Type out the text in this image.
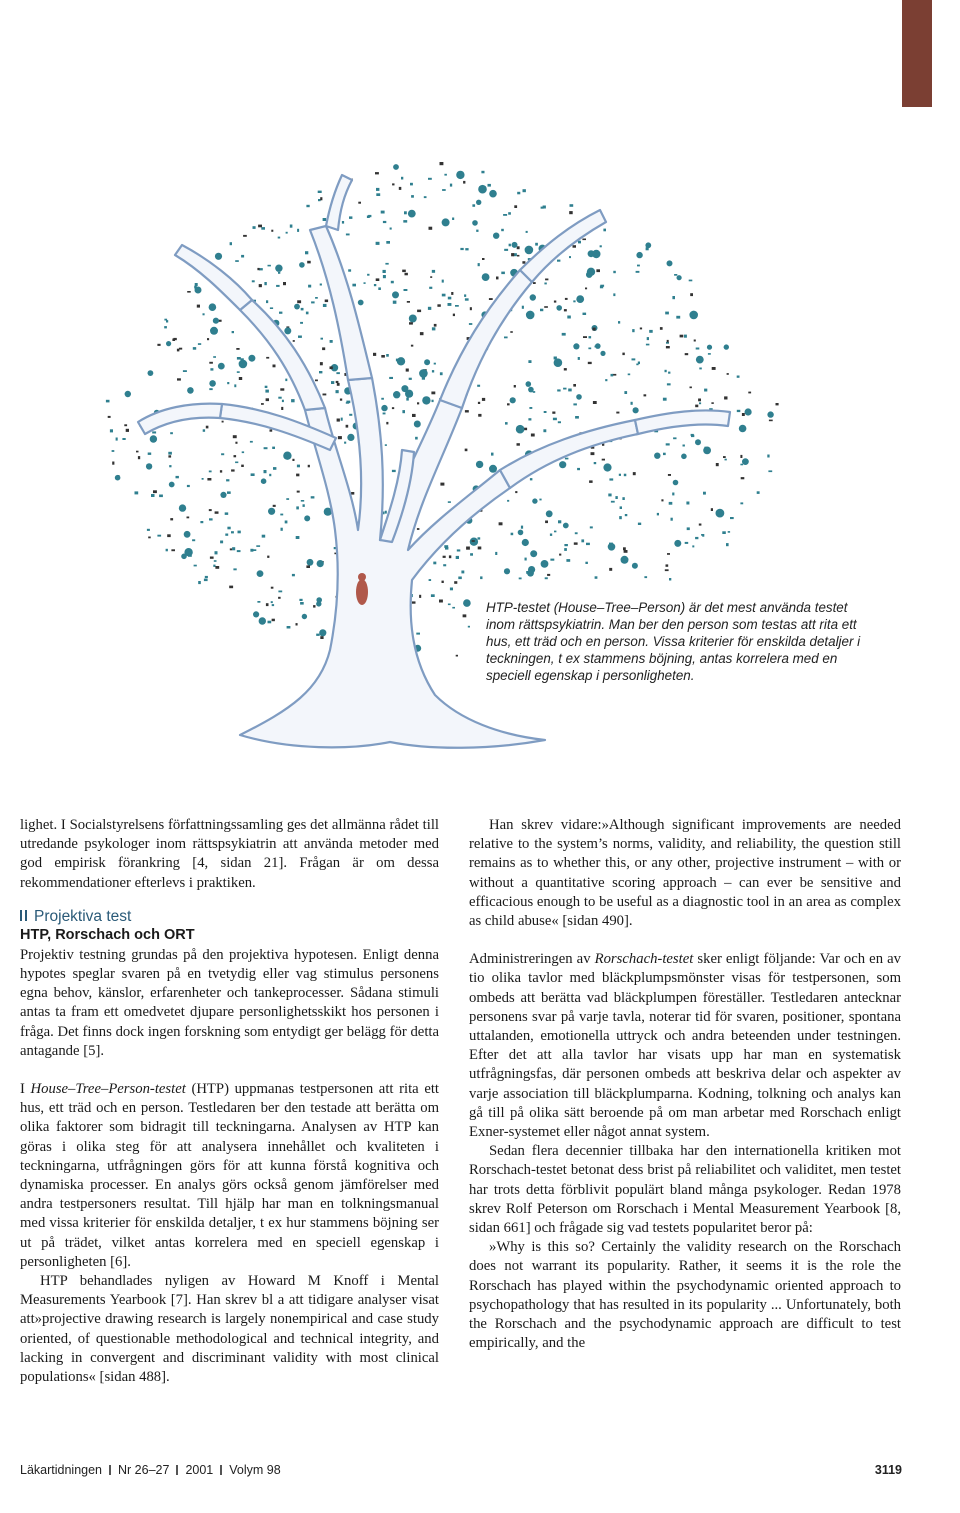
HTP-testet (House–Tree–Person) är det mest använda testet inom rättspsykiatrin. Man ber den person som testas att rita ett hus, ett träd och en person. Vissa kriterier för enskilda detaljer i teckningen, t ex stammens böjning, antas korrelera med en speciell egenskap i personligheten.

lighet. I Socialstyrelsens författningssamling ges det allmänna rådet till utredande psykologer inom rättspsykiatrin att använda metoder med god empirisk förankring [4, sidan 21]. Frågan är om dessa rekommendationer efterlevs i praktiken.

Projektiva test
HTP, Rorschach och ORT

Projektiv testning grundas på den projektiva hypotesen. Enligt denna hypotes speglar svaren på en tvetydig eller vag stimulus personens egna behov, känslor, erfarenheter och tankeprocesser. Sådana stimuli antas ta fram ett omedvetet djupare personlighetsskikt hos personen i fråga. Det finns dock ingen forskning som entydigt ger belägg för detta antagande [5].

I House–Tree–Person-testet (HTP) uppmanas testpersonen att rita ett hus, ett träd och en person. Testledaren ber den testade att berätta om olika faktorer som bidragit till teckningarna. Analysen av HTP kan göras i olika steg för att analysera innehållet och kvaliteten i teckningarna, utfrågningen görs för att kunna förstå kognitiva och dynamiska processer. En analys görs också genom jämförelser med andra testpersoners resultat. Till hjälp har man en tolkningsmanual med vissa kriterier för enskilda detaljer, t ex hur stammens böjning ser ut på trädet, vilket antas korrelera med en speciell egenskap i personligheten [6].

HTP behandlades nyligen av Howard M Knoff i Mental Measurements Yearbook [7]. Han skrev bl a att tidigare analyser visat att»projective drawing research is largely nonempirical and case study oriented, of questionable methodological and technical integrity, and lacking in convergent and discriminant validity with most clinical populations« [sidan 488].

Han skrev vidare:»Although significant improvements are needed relative to the system’s norms, validity, and reliability, the question still remains as to whether this, or any other, projective instrument – with or without a quantitative scoring approach – can ever be sensitive and efficacious enough to be useful as a diagnostic tool in an area as complex as child abuse« [sidan 490].

Administreringen av Rorschach-testet sker enligt följande: Var och en av tio olika tavlor med bläckplumpsmönster visas för testpersonen, som ombeds att berätta vad bläckplumpen föreställer. Testledaren antecknar personens svar på varje tavla, noterar tid för svaren, positioner, spontana uttalanden, emotionella uttryck och andra beteenden under testningen. Efter det att alla tavlor har visats upp har man en systematisk utfrågningsfas, där personen ombeds att beskriva delar och aspekter av varje association till bläckplumparna. Kodning, tolkning och analys kan gå till på olika sätt beroende på om man arbetar med Rorschach enligt Exner-systemet eller något annat system.

Sedan flera decennier tillbaka har den internationella kritiken mot Rorschach-testet betonat dess brist på reliabilitet och validitet, men testet har trots detta förblivit populärt bland många psykologer. Redan 1978 skrev Rolf Peterson om Rorschach i Mental Measurement Yearbook [8, sidan 661] och frågade sig vad testets popularitet beror på:

»Why is this so? Certainly the validity research on the Rorschach does not warrant its popularity. Rather, it seems it is the role the Rorschach has played within the psychodynamic oriented approach to psychopathology that has resulted in its popularity ... Unfortunately, both the Rorschach and the psychodynamic approach are difficult to test empirically, and the

Läkartidningen Nr 26–27 2001 Volym 98	3119
